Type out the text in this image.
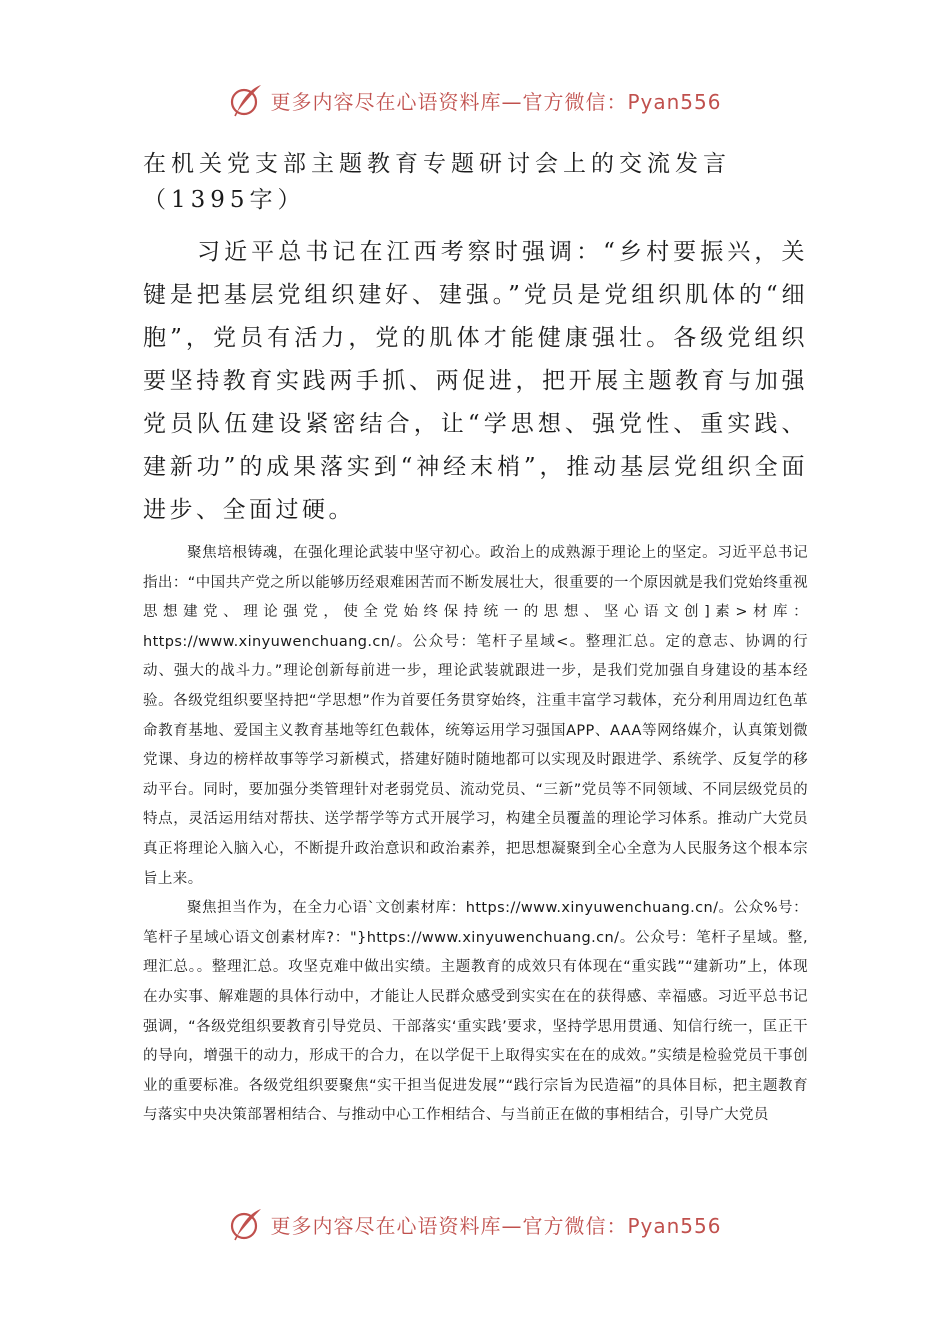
更多内容尽在心语资料库—官方微信：Pyan556
在机关党支部主题教育专题研讨会上的交流发言（1395字）

习近平总书记在江西考察时强调：“乡村要振兴，关键是把基层党组织建好、建强。”党员是党组织肌体的“细胞”，党员有活力，党的肌体才能健康强壮。各级党组织要坚持教育实践两手抓、两促进，把开展主题教育与加强党员队伍建设紧密结合，让“学思想、强党性、重实践、建新功”的成果落实到“神经末梢”，推动基层党组织全面进步、全面过硬。

聚焦培根铸魂，在强化理论武装中坚守初心。政治上的成熟源于理论上的坚定。习近平总书记指出：“中国共产党之所以能够历经艰难困苦而不断发展壮大，很重要的一个原因就是我们党始终重视思想建党、理论强党，使全党始终保持统一的思想、坚心语文创]素>材库：https://www.xinyuwenchuang.cn/。公众号：笔杆子星域<。整理汇总。定的意志、协调的行动、强大的战斗力。”理论创新每前进一步，理论武装就跟进一步，是我们党加强自身建设的基本经验。各级党组织要坚持把“学思想”作为首要任务贯穿始终，注重丰富学习载体，充分利用周边红色革命教育基地、爱国主义教育基地等红色载体，统筹运用学习强国APP、AAA等网络媒介，认真策划微党课、身边的榜样故事等学习新模式，搭建好随时随地都可以实现及时跟进学、系统学、反复学的移动平台。同时，要加强分类管理针对老弱党员、流动党员、“三新”党员等不同领域、不同层级党员的特点，灵活运用结对帮扶、送学帮学等方式开展学习，构建全员覆盖的理论学习体系。推动广大党员真正将理论入脑入心，不断提升政治意识和政治素养，把思想凝聚到全心全意为人民服务这个根本宗旨上来。

聚焦担当作为，在全力心语`文创素材库：https://www.xinyuwenchuang.cn/。公众%号：笔杆子星域心语文创素材库?："}https://www.xinyuwenchuang.cn/。公众号：笔杆子星域。整,理汇总。。整理汇总。攻坚克难中做出实绩。主题教育的成效只有体现在“重实践”“建新功”上，体现在办实事、解难题的具体行动中，才能让人民群众感受到实实在在的获得感、幸福感。习近平总书记强调，“各级党组织要教育引导党员、干部落实‘重实践’要求，坚持学思用贯通、知信行统一，匡正干的导向，增强干的动力，形成干的合力，在以学促干上取得实实在在的成效。”实绩是检验党员干事创业的重要标准。各级党组织要聚焦“实干担当促进发展”“践行宗旨为民造福”的具体目标，把主题教育与落实中央决策部署相结合、与推动中心工作相结合、与当前正在做的事相结合，引导广大党员

更多内容尽在心语资料库—官方微信：Pyan556
